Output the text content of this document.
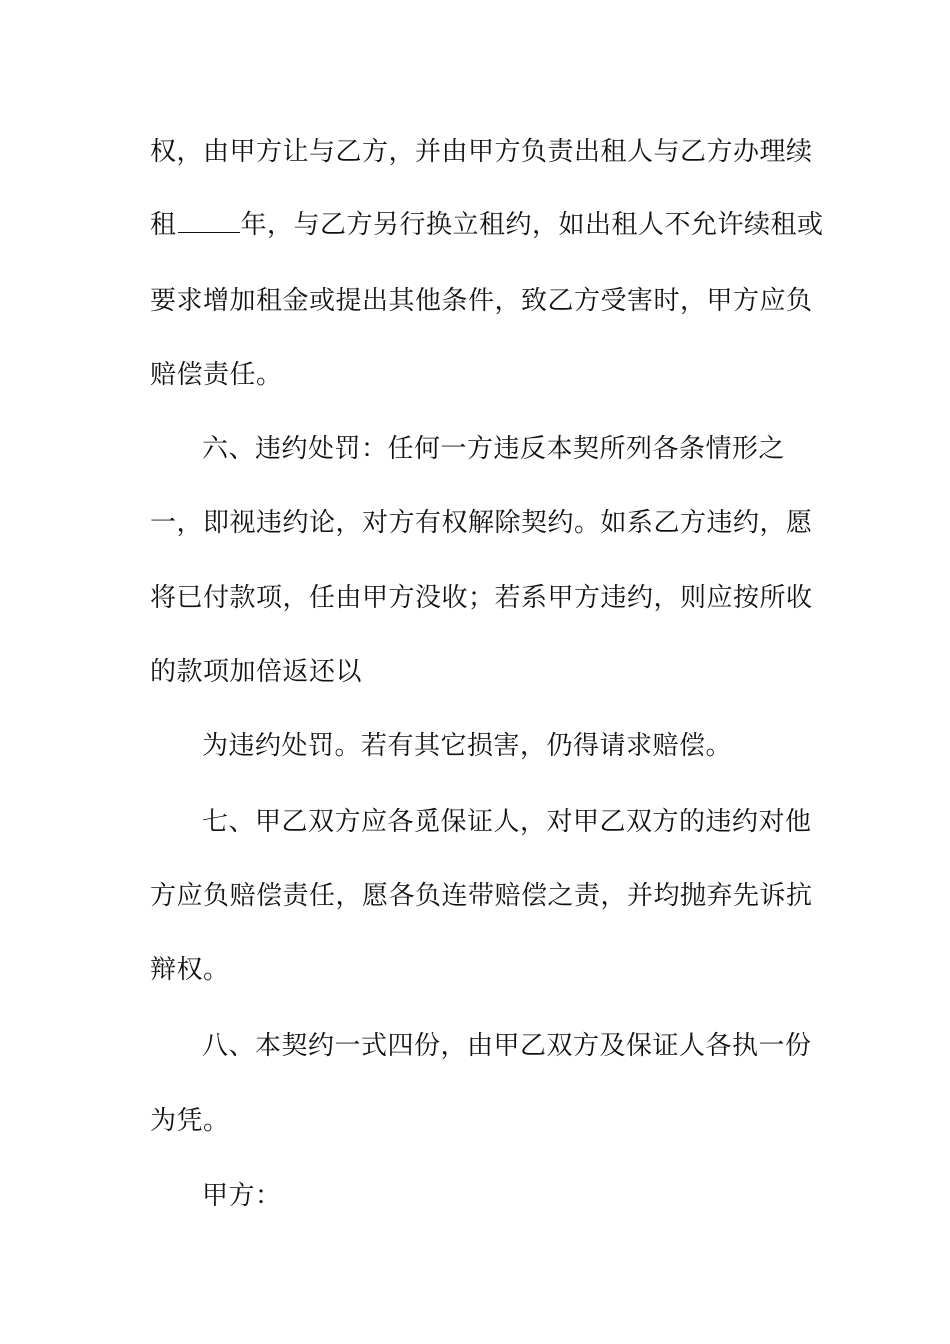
权，由甲方让与乙方，并由甲方负责出租人与乙方办理续
租 年，与乙方另行换立租约，如出租人不允许续租或
要求增加租金或提出其他条件，致乙方受害时，甲方应负
赔偿责任。
六、违约处罚：任何一方违反本契所列各条情形之
一，即视违约论，对方有权解除契约。如系乙方违约，愿
将已付款项，任由甲方没收；若系甲方违约，则应按所收
的款项加倍返还以
为违约处罚。若有其它损害，仍得请求赔偿。
七、甲乙双方应各觅保证人，对甲乙双方的违约对他
方应负赔偿责任，愿各负连带赔偿之责，并均抛弃先诉抗
辩权。
八、本契约一式四份，由甲乙双方及保证人各执一份
为凭。
甲方：
